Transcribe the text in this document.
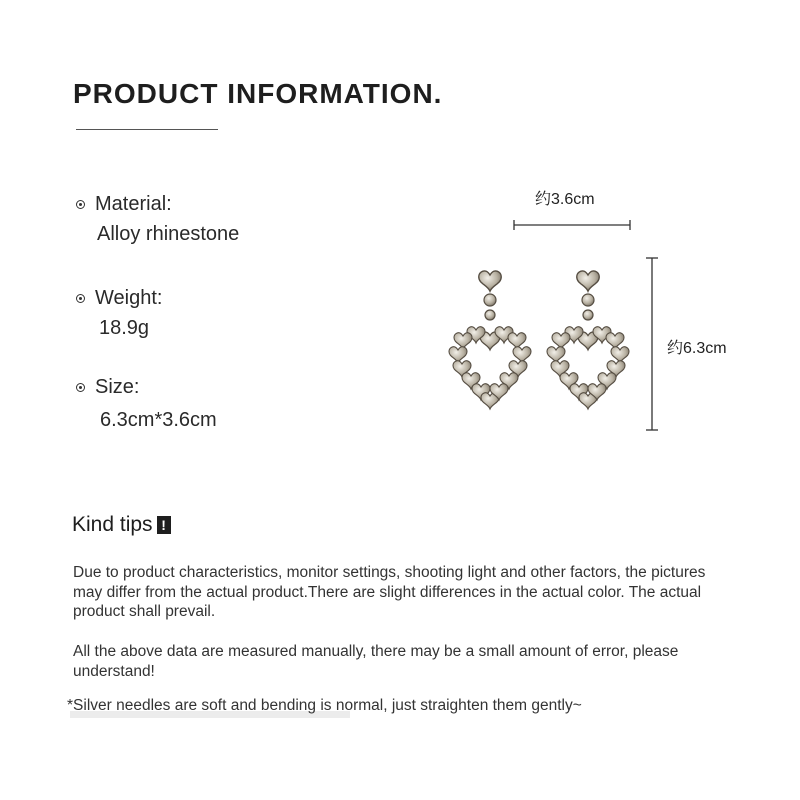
PRODUCT INFORMATION.
Material:
Alloy rhinestone
Weight:
18.9g
Size:
6.3cm*3.6cm
约3.6cm
约6.3cm
Kind tips !
Due to product characteristics, monitor settings, shooting light and other factors, the pictures may differ from the actual product.There are slight differences in the actual color. The actual product shall prevail.
All the above data are measured manually, there may be a small amount of error, please understand!
*Silver needles are soft and bending is normal, just straighten them gently~
